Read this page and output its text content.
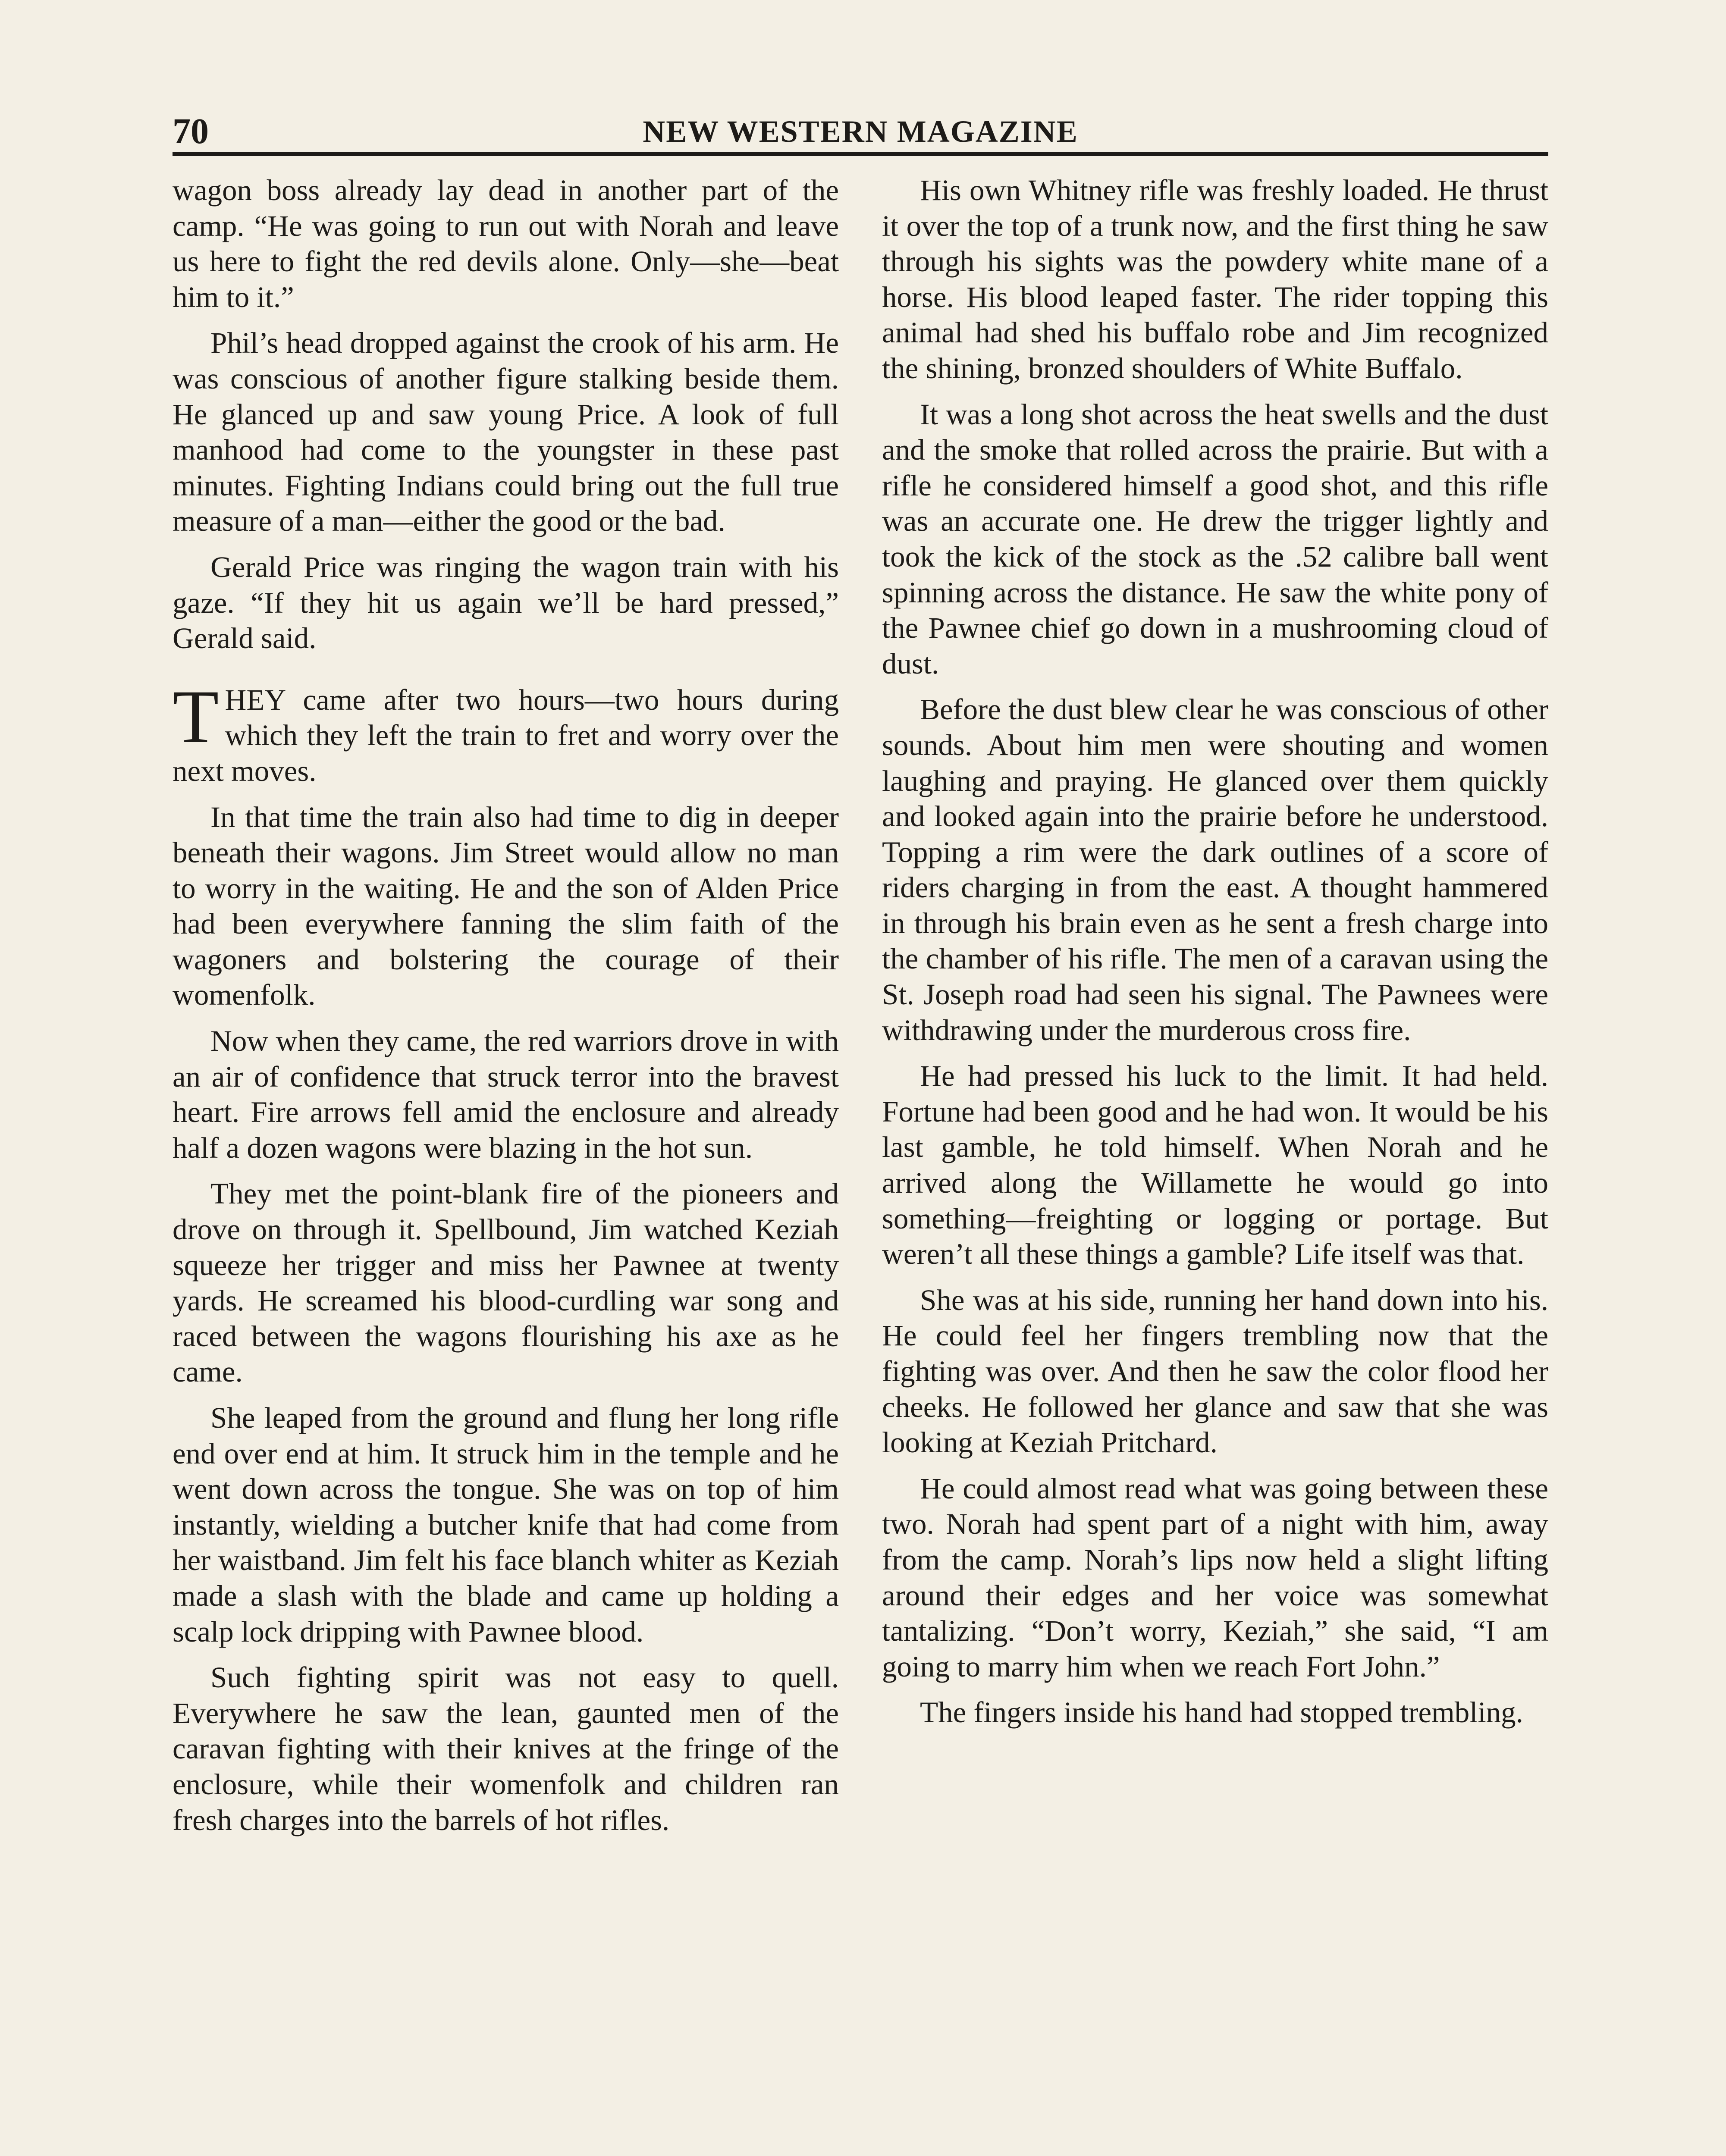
70	NEW WESTERN MAGAZINE

wagon boss already lay dead in another part of the camp. “He was going to run out with Norah and leave us here to fight the red devils alone. Only—she—beat him to it.”

Phil’s head dropped against the crook of his arm. He was conscious of another figure stalking beside them. He glanced up and saw young Price. A look of full manhood had come to the youngster in these past minutes. Fighting Indians could bring out the full true measure of a man—either the good or the bad.

Gerald Price was ringing the wagon train with his gaze. “If they hit us again we’ll be hard pressed,” Gerald said.

THEY came after two hours—two hours during which they left the train to fret and worry over the next moves.

In that time the train also had time to dig in deeper beneath their wagons. Jim Street would allow no man to worry in the waiting. He and the son of Alden Price had been everywhere fanning the slim faith of the wagoners and bolstering the courage of their womenfolk.

Now when they came, the red warriors drove in with an air of confidence that struck terror into the bravest heart. Fire arrows fell amid the enclosure and already half a dozen wagons were blazing in the hot sun.

They met the point-blank fire of the pioneers and drove on through it. Spellbound, Jim watched Keziah squeeze her trigger and miss her Pawnee at twenty yards. He screamed his blood-curdling war song and raced between the wagons flourishing his axe as he came.

She leaped from the ground and flung her long rifle end over end at him. It struck him in the temple and he went down across the tongue. She was on top of him instantly, wielding a butcher knife that had come from her waistband. Jim felt his face blanch whiter as Keziah made a slash with the blade and came up holding a scalp lock dripping with Pawnee blood.

Such fighting spirit was not easy to quell. Everywhere he saw the lean, gaunted men of the caravan fighting with their knives at the fringe of the enclosure, while their womenfolk and children ran fresh charges into the barrels of hot rifles.

His own Whitney rifle was freshly loaded. He thrust it over the top of a trunk now, and the first thing he saw through his sights was the powdery white mane of a horse. His blood leaped faster. The rider topping this animal had shed his buffalo robe and Jim recognized the shining, bronzed shoulders of White Buffalo.

It was a long shot across the heat swells and the dust and the smoke that rolled across the prairie. But with a rifle he considered himself a good shot, and this rifle was an accurate one. He drew the trigger lightly and took the kick of the stock as the .52 calibre ball went spinning across the distance. He saw the white pony of the Pawnee chief go down in a mushrooming cloud of dust.

Before the dust blew clear he was conscious of other sounds. About him men were shouting and women laughing and praying. He glanced over them quickly and looked again into the prairie before he understood. Topping a rim were the dark outlines of a score of riders charging in from the east. A thought hammered in through his brain even as he sent a fresh charge into the chamber of his rifle. The men of a caravan using the St. Joseph road had seen his signal. The Pawnees were withdrawing under the murderous cross fire.

He had pressed his luck to the limit. It had held. Fortune had been good and he had won. It would be his last gamble, he told himself. When Norah and he arrived along the Willamette he would go into something—freighting or logging or portage. But weren’t all these things a gamble? Life itself was that.

She was at his side, running her hand down into his. He could feel her fingers trembling now that the fighting was over. And then he saw the color flood her cheeks. He followed her glance and saw that she was looking at Keziah Pritchard.

He could almost read what was going between these two. Norah had spent part of a night with him, away from the camp. Norah’s lips now held a slight lifting around their edges and her voice was somewhat tantalizing. “Don’t worry, Keziah,” she said, “I am going to marry him when we reach Fort John.”

The fingers inside his hand had stopped trembling.
